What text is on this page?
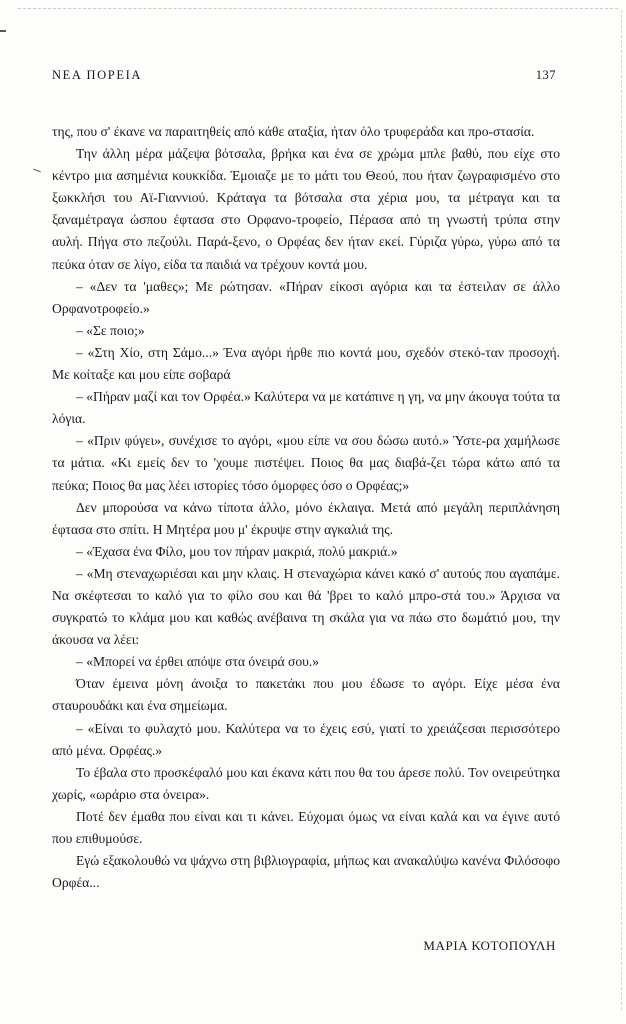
ΝΕΑ ΠΟΡΕΙΑ	137

της, που σ' έκανε να παραιτηθείς από κάθε αταξία, ήταν όλο τρυφεράδα και προ-στασία.

Την άλλη μέρα μάζεψα βότσαλα, βρήκα και ένα σε χρώμα μπλε βαθύ, που είχε στο κέντρο μια ασημένια κουκκίδα. Έμοιαζε με το μάτι του Θεού, που ήταν ζωγραφισμένο στο ξωκκλήσι του Αϊ-Γιαννιού. Κράταγα τα βότσαλα στα χέρια μου, τα μέτραγα και τα ξαναμέτραγα ώσπου έφτασα στο Ορφανο-τροφείο, Πέρασα από τη γνωστή τρύπα στην αυλή. Πήγα στο πεζούλι. Παρά-ξενο, ο Ορφέας δεν ήταν εκεί. Γύριζα γύρω, γύρω από τα πεύκα όταν σε λίγο, είδα τα παιδιά να τρέχουν κοντά μου.

– «Δεν τα 'μαθες»; Με ρώτησαν. «Πήραν είκοσι αγόρια και τα έστειλαν σε άλλο Ορφανοτροφείο.»

– «Σε ποιο;»

– «Στη Χίο, στη Σάμο...» Ένα αγόρι ήρθε πιο κοντά μου, σχεδόν στεκό-ταν προσοχή. Με κοίταξε και μου είπε σοβαρά

– «Πήραν μαζί και τον Ορφέα.» Καλύτερα να με κατάπινε η γη, να μην άκουγα τούτα τα λόγια.

– «Πριν φύγει», συνέχισε το αγόρι, «μου είπε να σου δώσω αυτό.» Ύστε-ρα χαμήλωσε τα μάτια. «Κι εμείς δεν το 'χουμε πιστέψει. Ποιος θα μας διαβά-ζει τώρα κάτω από τα πεύκα; Ποιος θα μας λέει ιστορίες τόσο όμορφες όσο ο Ορφέας;»

Δεν μπορούσα να κάνω τίποτα άλλο, μόνο έκλαιγα. Μετά από μεγάλη περιπλάνηση έφτασα στο σπίτι. Η Μητέρα μου μ' έκρυψε στην αγκαλιά της.

– «Έχασα ένα Φίλο, μου τον πήραν μακριά, πολύ μακριά.»

– «Μη στεναχωριέσαι και μην κλαις. Η στεναχώρια κάνει κακό σ' αυτούς που αγαπάμε. Να σκέφτεσαι το καλό για το φίλο σου και θά 'βρει το καλό μπρο-στά του.» Άρχισα να συγκρατώ το κλάμα μου και καθώς ανέβαινα τη σκάλα για να πάω στο δωμάτιό μου, την άκουσα να λέει:

– «Μπορεί να έρθει απόψε στα όνειρά σου.»

Όταν έμεινα μόνη άνοιξα το πακετάκι που μου έδωσε το αγόρι. Είχε μέσα ένα σταυρουδάκι και ένα σημείωμα.

– «Είναι το φυλαχτό μου. Καλύτερα να το έχεις εσύ, γιατί το χρειάζεσαι περισσότερο από μένα. Ορφέας.»

Το έβαλα στο προσκέφαλό μου και έκανα κάτι που θα του άρεσε πολύ. Τον ονειρεύτηκα χωρίς, «ωράριο στα όνειρα».

Ποτέ δεν έμαθα που είναι και τι κάνει. Εύχομαι όμως να είναι καλά και να έγινε αυτό που επιθυμούσε.

Εγώ εξακολουθώ να ψάχνω στη βιβλιογραφία, μήπως και ανακαλύψω κανένα Φιλόσοφο Ορφέα...

ΜΑΡΙΑ ΚΟΤΟΠΟΥΛΗ
